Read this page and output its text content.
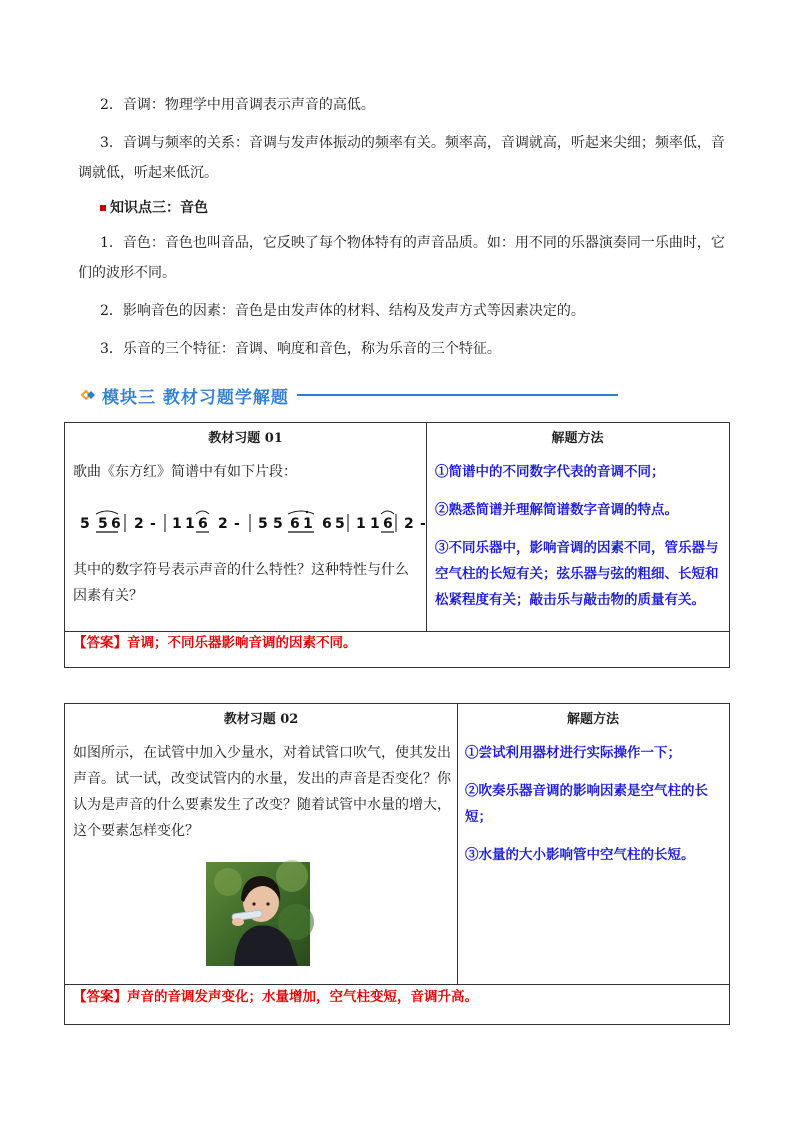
2．音调：物理学中用音调表示声音的高低。
3．音调与频率的关系：音调与发声体振动的频率有关。频率高，音调就高，听起来尖细；频率低，音调就低，听起来低沉。
知识点三：音色
1．音色：音色也叫音品，它反映了每个物体特有的声音品质。如：用不同的乐器演奏同一乐曲时，它们的波形不同。
2．影响音色的因素：音色是由发声体的材料、结构及发声方式等因素决定的。
3．乐音的三个特征：音调、响度和音色，称为乐音的三个特征。
模块三 教材习题学解题
教材习题 01	解题方法
歌曲《东方红》简谱中有如下片段：
其中的数字符号表示声音的什么特性？这种特性与什么因素有关？
①简谱中的不同数字代表的音调不同；
②熟悉简谱并理解简谱数字音调的特点。
③不同乐器中，影响音调的因素不同，管乐器与空气柱的长短有关；弦乐器与弦的粗细、长短和松紧程度有关；敲击乐与敲击物的质量有关。
【答案】音调；不同乐器影响音调的因素不同。
5 5 6 2 - 1 1 6 2 - 5 5 6 1 6 5 1 1 6 2 -
教材习题 02	解题方法
如图所示，在试管中加入少量水，对着试管口吹气，使其发出声音。试一试，改变试管内的水量，发出的声音是否变化？你认为是声音的什么要素发生了改变？随着试管中水量的增大，这个要素怎样变化？
①尝试利用器材进行实际操作一下；
②吹奏乐器音调的影响因素是空气柱的长短；
③水量的大小影响管中空气柱的长短。
【答案】声音的音调发声变化；水量增加，空气柱变短，音调升高。
